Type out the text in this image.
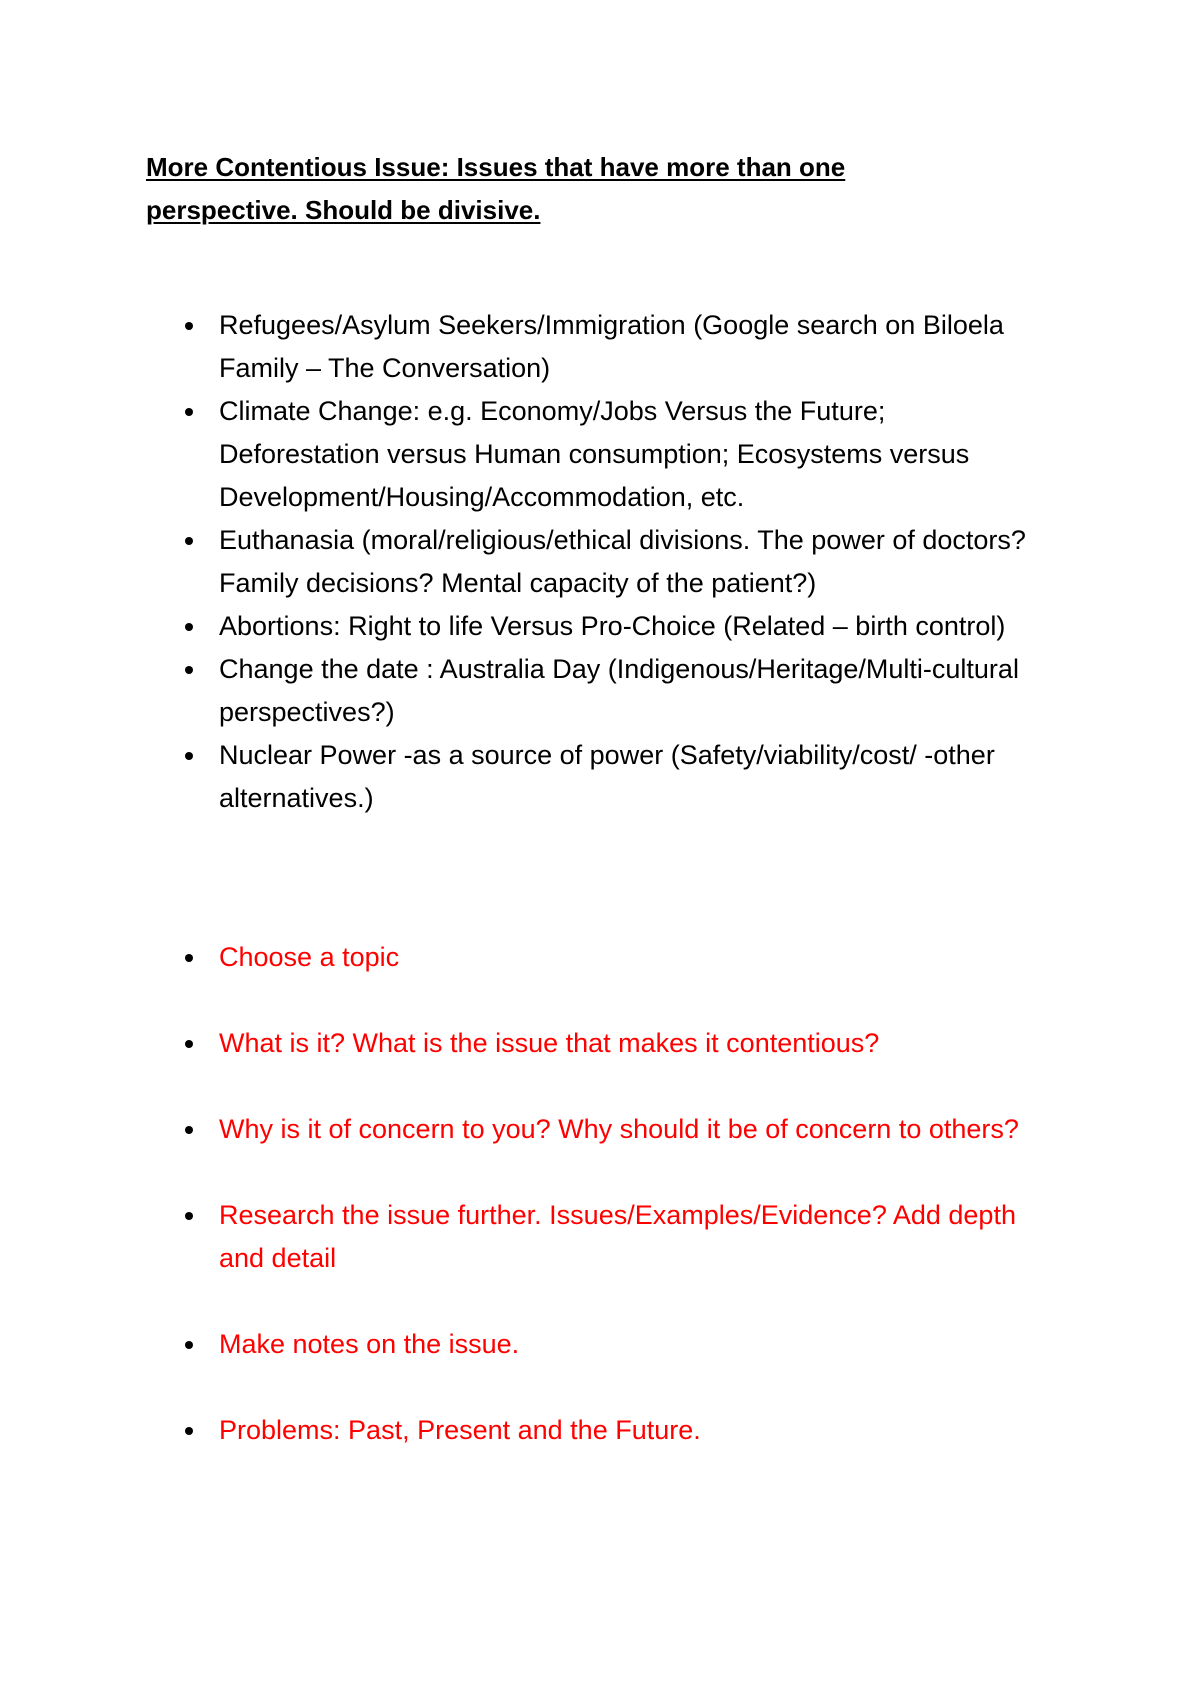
More Contentious Issue: Issues that have more than one
perspective. Should be divisive.
Refugees/Asylum Seekers/Immigration (Google search on Biloela Family – The Conversation)
Climate Change: e.g. Economy/Jobs Versus the Future; Deforestation versus Human consumption; Ecosystems versus Development/Housing/Accommodation, etc.
Euthanasia (moral/religious/ethical divisions. The power of doctors? Family decisions? Mental capacity of the patient?)
Abortions: Right to life Versus Pro-Choice (Related – birth control)
Change the date : Australia Day (Indigenous/Heritage/Multi-cultural perspectives?)
Nuclear Power -as a source of power (Safety/viability/cost/ -other alternatives.)
Choose a topic
What is it? What is the issue that makes it contentious?
Why is it of concern to you? Why should it be of concern to others?
Research the issue further. Issues/Examples/Evidence? Add depth and detail
Make notes on the issue.
Problems: Past, Present and the Future.
